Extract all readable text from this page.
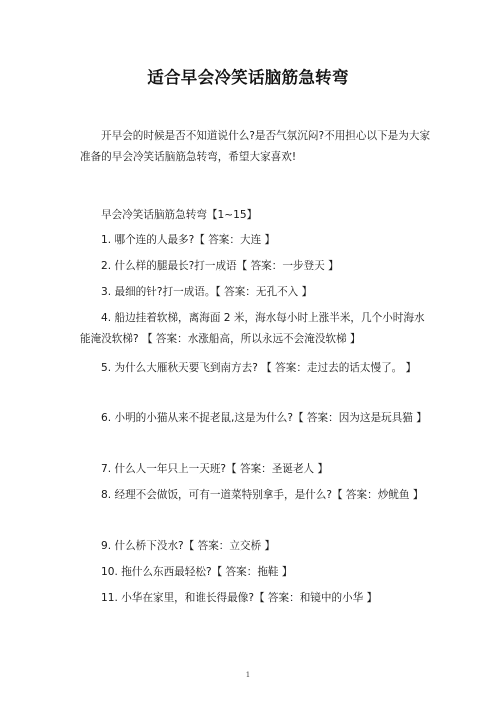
适合早会冷笑话脑筋急转弯

开早会的时候是否不知道说什么?是否气氛沉闷?不用担心以下是为大家准备的早会冷笑话脑筋急转弯，希望大家喜欢!

早会冷笑话脑筋急转弯【1~15】

1. 哪个连的人最多?【 答案：大连 】

2. 什么样的腿最长?打一成语【 答案：一步登天 】

3. 最细的针?打一成语。【 答案：无孔不入 】

4. 船边挂着软梯，离海面 2 米，海水每小时上涨半米，几个小时海水能淹没软梯? 【 答案：水涨船高，所以永远不会淹没软梯 】

5. 为什么大雁秋天要飞到南方去? 【 答案：走过去的话太慢了。 】

6. 小明的小猫从来不捉老鼠,这是为什么?【 答案：因为这是玩具猫 】

7. 什么人一年只上一天班?【 答案：圣诞老人 】

8. 经理不会做饭，可有一道菜特别拿手，是什么?【 答案：炒鱿鱼 】

9. 什么桥下没水?【 答案：立交桥 】

10. 拖什么东西最轻松?【 答案：拖鞋 】

11. 小华在家里，和谁长得最像?【 答案：和镜中的小华 】

1
